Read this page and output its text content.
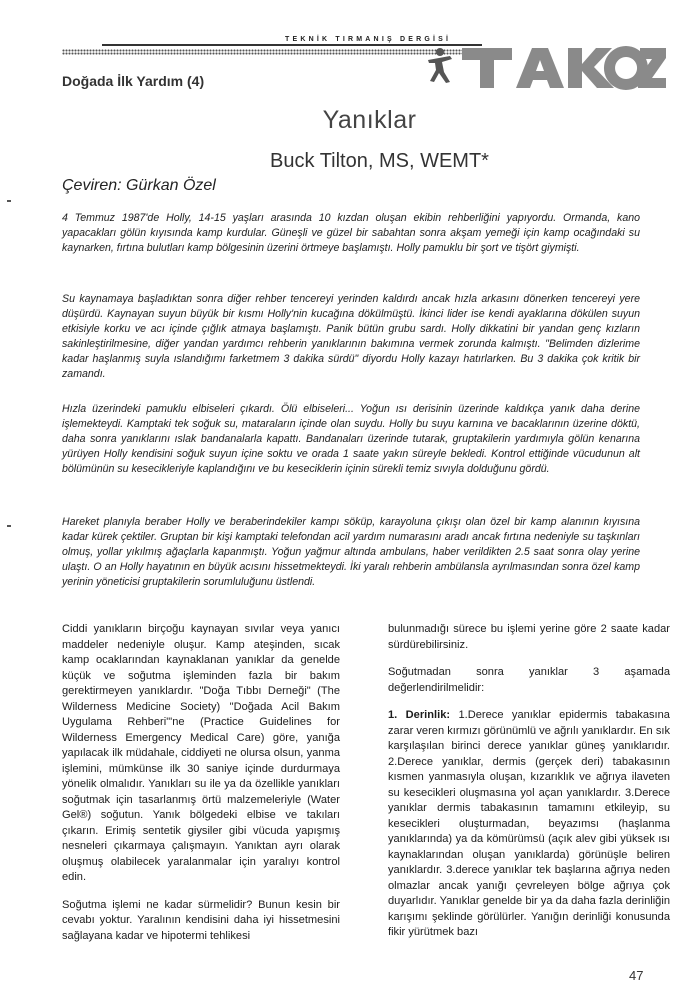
TEKNİK TIRMANIŞ DERGİSİ
Doğada İlk Yardım (4)
Yanıklar
Buck Tilton, MS, WEMT*
Çeviren: Gürkan Özel

4 Temmuz 1987'de Holly, 14-15 yaşları arasında 10 kızdan oluşan ekibin rehberliğini yapıyordu. Ormanda, kano yapacakları gölün kıyısında kamp kurdular. Güneşli ve güzel bir sabahtan sonra akşam yemeği için kamp ocağındaki su kaynarken, fırtına bulutları kamp bölgesinin üzerini örtmeye başlamıştı. Holly pamuklu bir şort ve tişört giymişti.

Su kaynamaya başladıktan sonra diğer rehber tencereyi yerinden kaldırdı ancak hızla arkasını dönerken tencereyi yere düşürdü. Kaynayan suyun büyük bir kısmı Holly'nin kucağına dökülmüştü. İkinci lider ise kendi ayaklarına dökülen suyun etkisiyle korku ve acı içinde çığlık atmaya başlamıştı. Panik bütün grubu sardı. Holly dikkatini bir yandan genç kızların sakinleştirilmesine, diğer yandan yardımcı rehberin yanıklarının bakımına vermek zorunda kalmıştı. "Belimden dizlerime kadar haşlanmış suyla ıslandığımı farketmem 3 dakika sürdü" diyordu Holly kazayı hatırlarken. Bu 3 dakika çok kritik bir zamandı.

Hızla üzerindeki pamuklu elbiseleri çıkardı. Ölü elbiseleri... Yoğun ısı derisinin üzerinde kaldıkça yanık daha derine işlemekteydi. Kamptaki tek soğuk su, mataraların içinde olan suydu. Holly bu suyu karnına ve bacaklarının üzerine döktü, daha sonra yanıklarını ıslak bandanalarla kapattı. Bandanaları üzerinde tutarak, gruptakilerin yardımıyla gölün kenarına yürüyen Holly kendisini soğuk suyun içine soktu ve orada 1 saate yakın süreyle bekledi. Kontrol ettiğinde vücudunun alt bölümünün su kesecikleriyle kaplandığını ve bu keseciklerin içinin sürekli temiz sıvıyla dolduğunu gördü.

Hareket planıyla beraber Holly ve beraberindekiler kampı söküp, karayoluna çıkışı olan özel bir kamp alanının kıyısına kadar kürek çektiler. Gruptan bir kişi kamptaki telefondan acil yardım numarasını aradı ancak fırtına nedeniyle su taşkınları olmuş, yollar yıkılmış ağaçlarla kapanmıştı. Yoğun yağmur altında ambulans, haber verildikten 2.5 saat sonra olay yerine ulaştı. O an Holly hayatının en büyük acısını hissetmekteydi. İki yaralı rehberin ambülansla ayrılmasından sonra özel kamp yerinin yöneticisi gruptakilerin sorumluluğunu üstlendi.

Ciddi yanıkların birçoğu kaynayan sıvılar veya yanıcı maddeler nedeniyle oluşur. Kamp ateşinden, sıcak kamp ocaklarından kaynaklanan yanıklar da genelde küçük ve soğutma işleminden fazla bir bakım gerektirmeyen yanıklardır. "Doğa Tıbbı Derneği" (The Wilderness Medicine Society) "Doğada Acil Bakım Uygulama Rehberi"'ne (Practice Guidelines for Wilderness Emergency Medical Care) göre, yanığa yapılacak ilk müdahale, ciddiyeti ne olursa olsun, yanma işlemini, mümkünse ilk 30 saniye içinde durdurmaya yönelik olmalıdır. Yanıkları su ile ya da özellikle yanıkları soğutmak için tasarlanmış örtü malzemeleriyle (Water Gel®) soğutun. Yanık bölgedeki elbise ve takıları çıkarın. Erimiş sentetik giysiler gibi vücuda yapışmış nesneleri çıkarmaya çalışmayın. Yanıktan ayrı olarak oluşmuş olabilecek yaralanmalar için yaralıyı kontrol edin.

Soğutma işlemi ne kadar sürmelidir? Bunun kesin bir cevabı yoktur. Yaralının kendisini daha iyi hissetmesini sağlayana kadar ve hipotermi tehlikesi

bulunmadığı sürece bu işlemi yerine göre 2 saate kadar sürdürebilirsiniz.

Soğutmadan sonra yanıklar 3 aşamada değerlendirilmelidir:

1. Derinlik: 1.Derece yanıklar epidermis tabakasına zarar veren kırmızı görünümlü ve ağrılı yanıklardır. En sık karşılaşılan birinci derece yanıklar güneş yanıklarıdır. 2.Derece yanıklar, dermis (gerçek deri) tabakasının kısmen yanmasıyla oluşan, kızarıklık ve ağrıya ilaveten su kesecikleri oluşmasına yol açan yanıklardır. 3.Derece yanıklar dermis tabakasının tamamını etkileyip, su kesecikleri oluşturmadan, beyazımsı (haşlanma yanıklarında) ya da kömürümsü (açık alev gibi yüksek ısı kaynaklarından oluşan yanıklarda) görünüşle beliren yanıklardır. 3.derece yanıklar tek başlarına ağrıya neden olmazlar ancak yanığı çevreleyen bölge ağrıya çok duyarlıdır. Yanıklar genelde bir ya da daha fazla derinliğin karışımı şeklinde görülürler. Yanığın derinliği konusunda fikir yürütmek bazı

47
